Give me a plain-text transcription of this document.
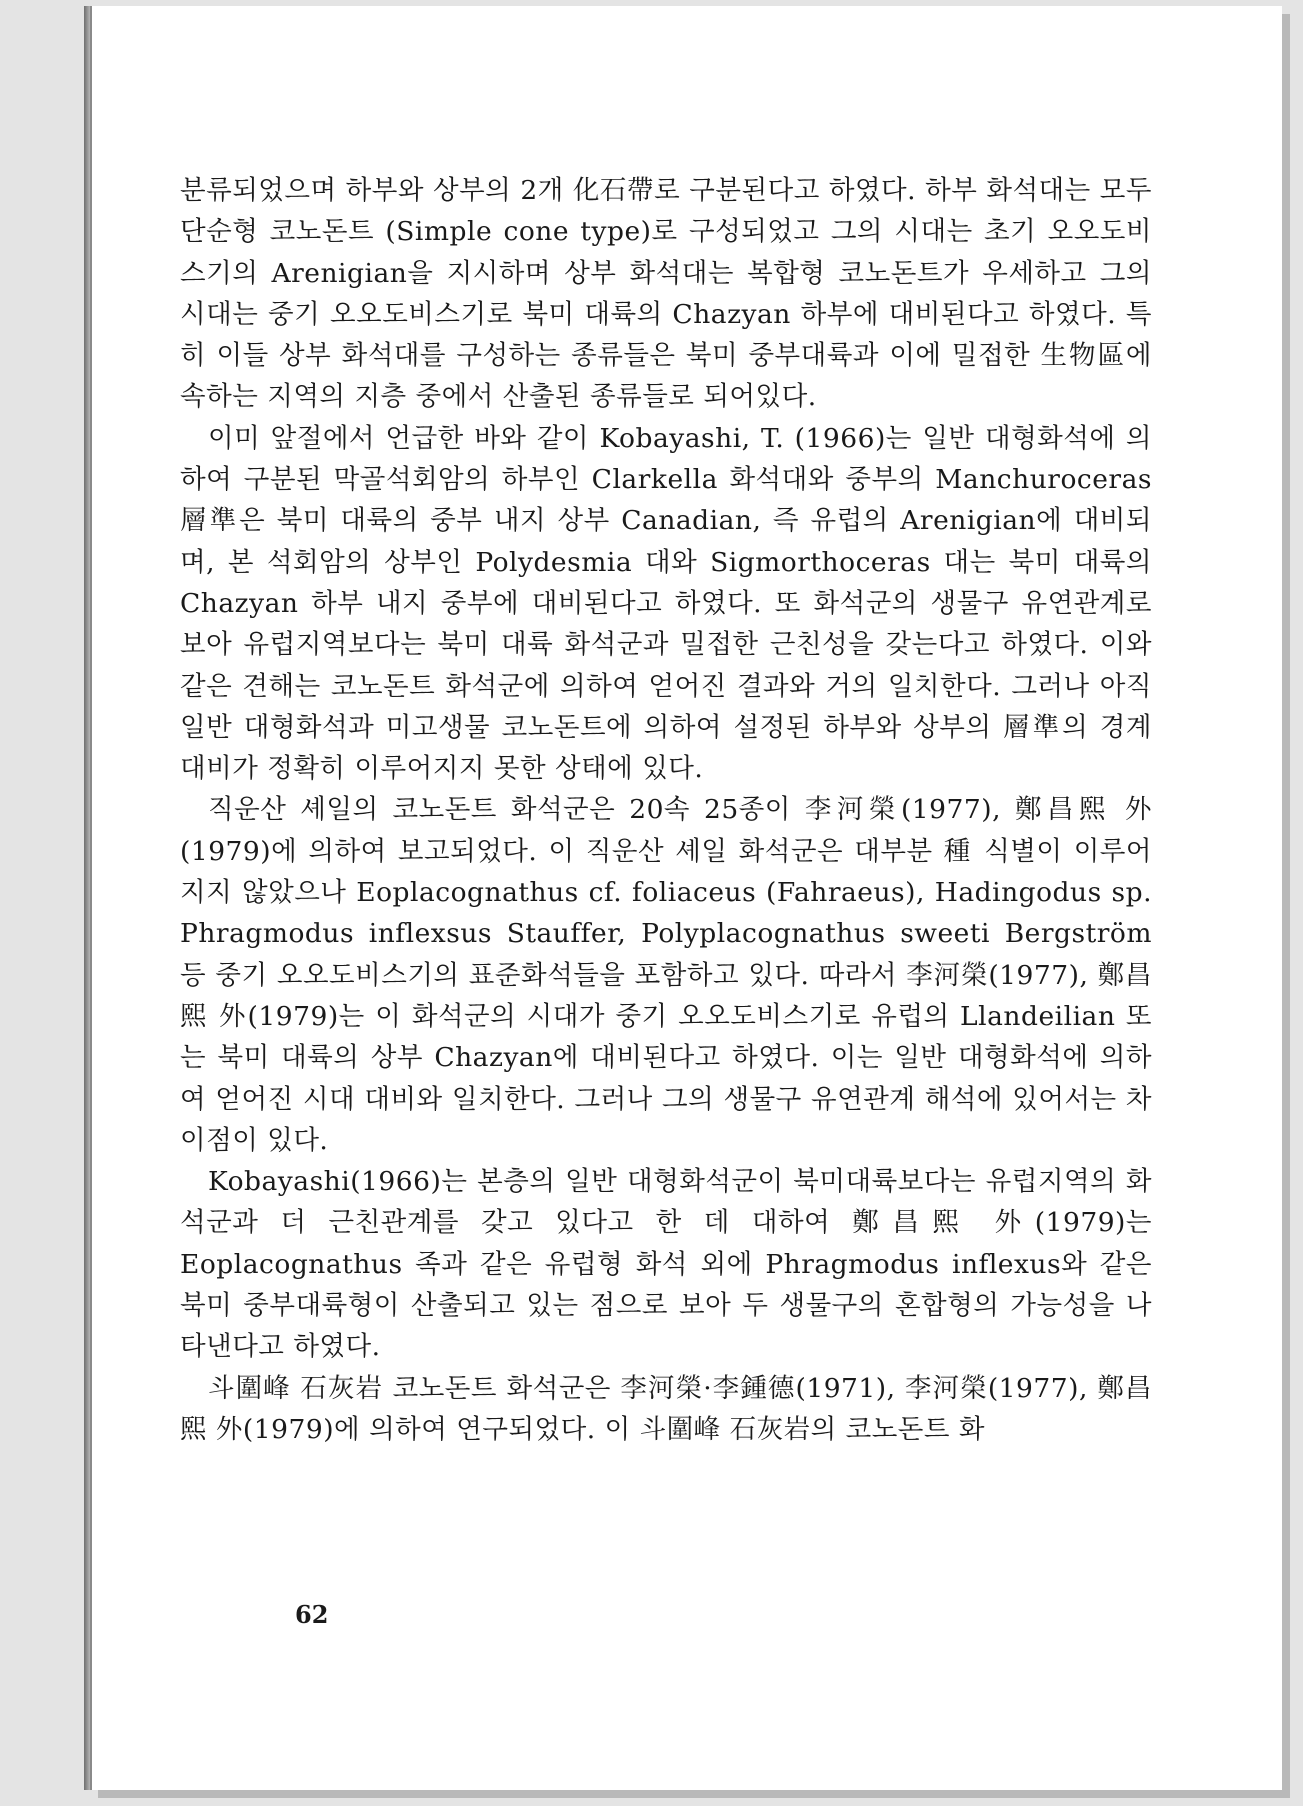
분류되었으며 하부와 상부의 2개 化石帶로 구분된다고 하였다. 하부 화석대는 모두 단순형 코노돈트 (Simple cone type)로 구성되었고 그의 시대는 초기 오오도비스기의 Arenigian을 지시하며 상부 화석대는 복합형 코노돈트가 우세하고 그의 시대는 중기 오오도비스기로 북미 대륙의 Chazyan 하부에 대비된다고 하였다. 특히 이들 상부 화석대를 구성하는 종류들은 북미 중부대륙과 이에 밀접한 生物區에 속하는 지역의 지층 중에서 산출된 종류들로 되어있다.

이미 앞절에서 언급한 바와 같이 Kobayashi, T. (1966)는 일반 대형화석에 의하여 구분된 막골석회암의 하부인 Clarkella 화석대와 중부의 Manchuroceras 層準은 북미 대륙의 중부 내지 상부 Canadian, 즉 유럽의 Arenigian에 대비되며, 본 석회암의 상부인 Polydesmia 대와 Sigmorthoceras 대는 북미 대륙의 Chazyan 하부 내지 중부에 대비된다고 하였다. 또 화석군의 생물구 유연관계로 보아 유럽지역보다는 북미 대륙 화석군과 밀접한 근친성을 갖는다고 하였다. 이와 같은 견해는 코노돈트 화석군에 의하여 얻어진 결과와 거의 일치한다. 그러나 아직 일반 대형화석과 미고생물 코노돈트에 의하여 설정된 하부와 상부의 層準의 경계 대비가 정확히 이루어지지 못한 상태에 있다.

직운산 셰일의 코노돈트 화석군은 20속 25종이 李河榮(1977), 鄭昌熙 外(1979)에 의하여 보고되었다. 이 직운산 셰일 화석군은 대부분 種 식별이 이루어지지 않았으나 Eoplacognathus cf. foliaceus (Fahraeus), Hadingodus sp. Phragmodus inflexsus Stauffer, Polyplacognathus sweeti Bergström 등 중기 오오도비스기의 표준화석들을 포함하고 있다. 따라서 李河榮(1977), 鄭昌熙 外(1979)는 이 화석군의 시대가 중기 오오도비스기로 유럽의 Llandeilian 또는 북미 대륙의 상부 Chazyan에 대비된다고 하였다. 이는 일반 대형화석에 의하여 얻어진 시대 대비와 일치한다. 그러나 그의 생물구 유연관계 해석에 있어서는 차이점이 있다.

Kobayashi(1966)는 본층의 일반 대형화석군이 북미대륙보다는 유럽지역의 화석군과 더 근친관계를 갖고 있다고 한 데 대하여 鄭昌熙 外(1979)는 Eoplacognathus 족과 같은 유럽형 화석 외에 Phragmodus inflexus와 같은 북미 중부대륙형이 산출되고 있는 점으로 보아 두 생물구의 혼합형의 가능성을 나타낸다고 하였다.

斗圍峰 石灰岩 코노돈트 화석군은 李河榮·李鍾德(1971), 李河榮(1977), 鄭昌熙 外(1979)에 의하여 연구되었다. 이 斗圍峰 石灰岩의 코노돈트 화

62
